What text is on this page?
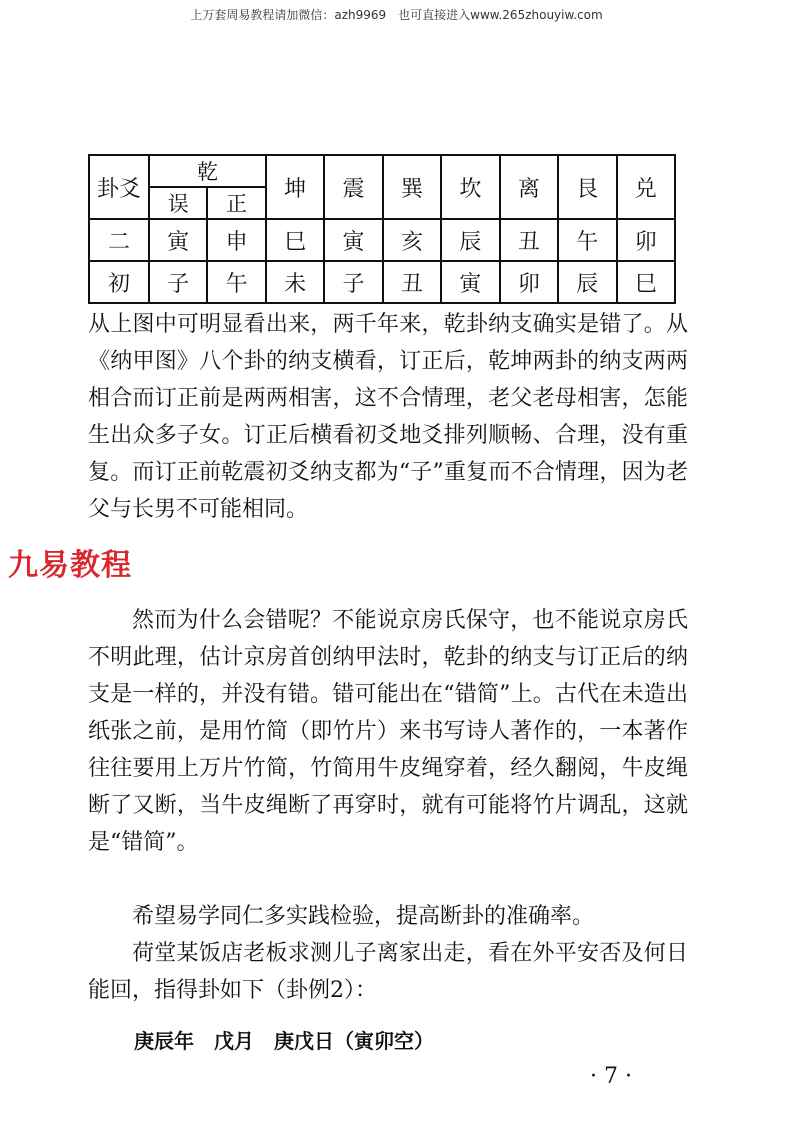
上万套周易教程请加微信：azh9969　也可直接进入www.265zhouyiw.com
卦爻	乾		坤	震	巽	坎	离	艮	兑
	误	正							
二	寅	申	巳	寅	亥	辰	丑	午	卯
初	子	午	未	子	丑	寅	卯	辰	巳

从上图中可明显看出来，两千年来，乾卦纳支确实是错了。从《纳甲图》八个卦的纳支横看，订正后，乾坤两卦的纳支两两相合而订正前是两两相害，这不合情理，老父老母相害，怎能生出众多子女。订正后横看初爻地爻排列顺畅、合理，没有重复。而订正前乾震初爻纳支都为“子”重复而不合情理，因为老父与长男不可能相同。

然而为什么会错呢？不能说京房氏保守，也不能说京房氏不明此理，估计京房首创纳甲法时，乾卦的纳支与订正后的纳支是一样的，并没有错。错可能出在“错简”上。古代在未造出纸张之前，是用竹简（即竹片）来书写诗人著作的，一本著作往往要用上万片竹简，竹简用牛皮绳穿着，经久翻阅，牛皮绳断了又断，当牛皮绳断了再穿时，就有可能将竹片调乱，这就是“错简”。

希望易学同仁多实践检验，提高断卦的准确率。

荷堂某饭店老板求测儿子离家出走，看在外平安否及何日能回，指得卦如下（卦例2）：

庚辰年　戊月　庚戊日（寅卯空）
九易教程
· 7 ·
